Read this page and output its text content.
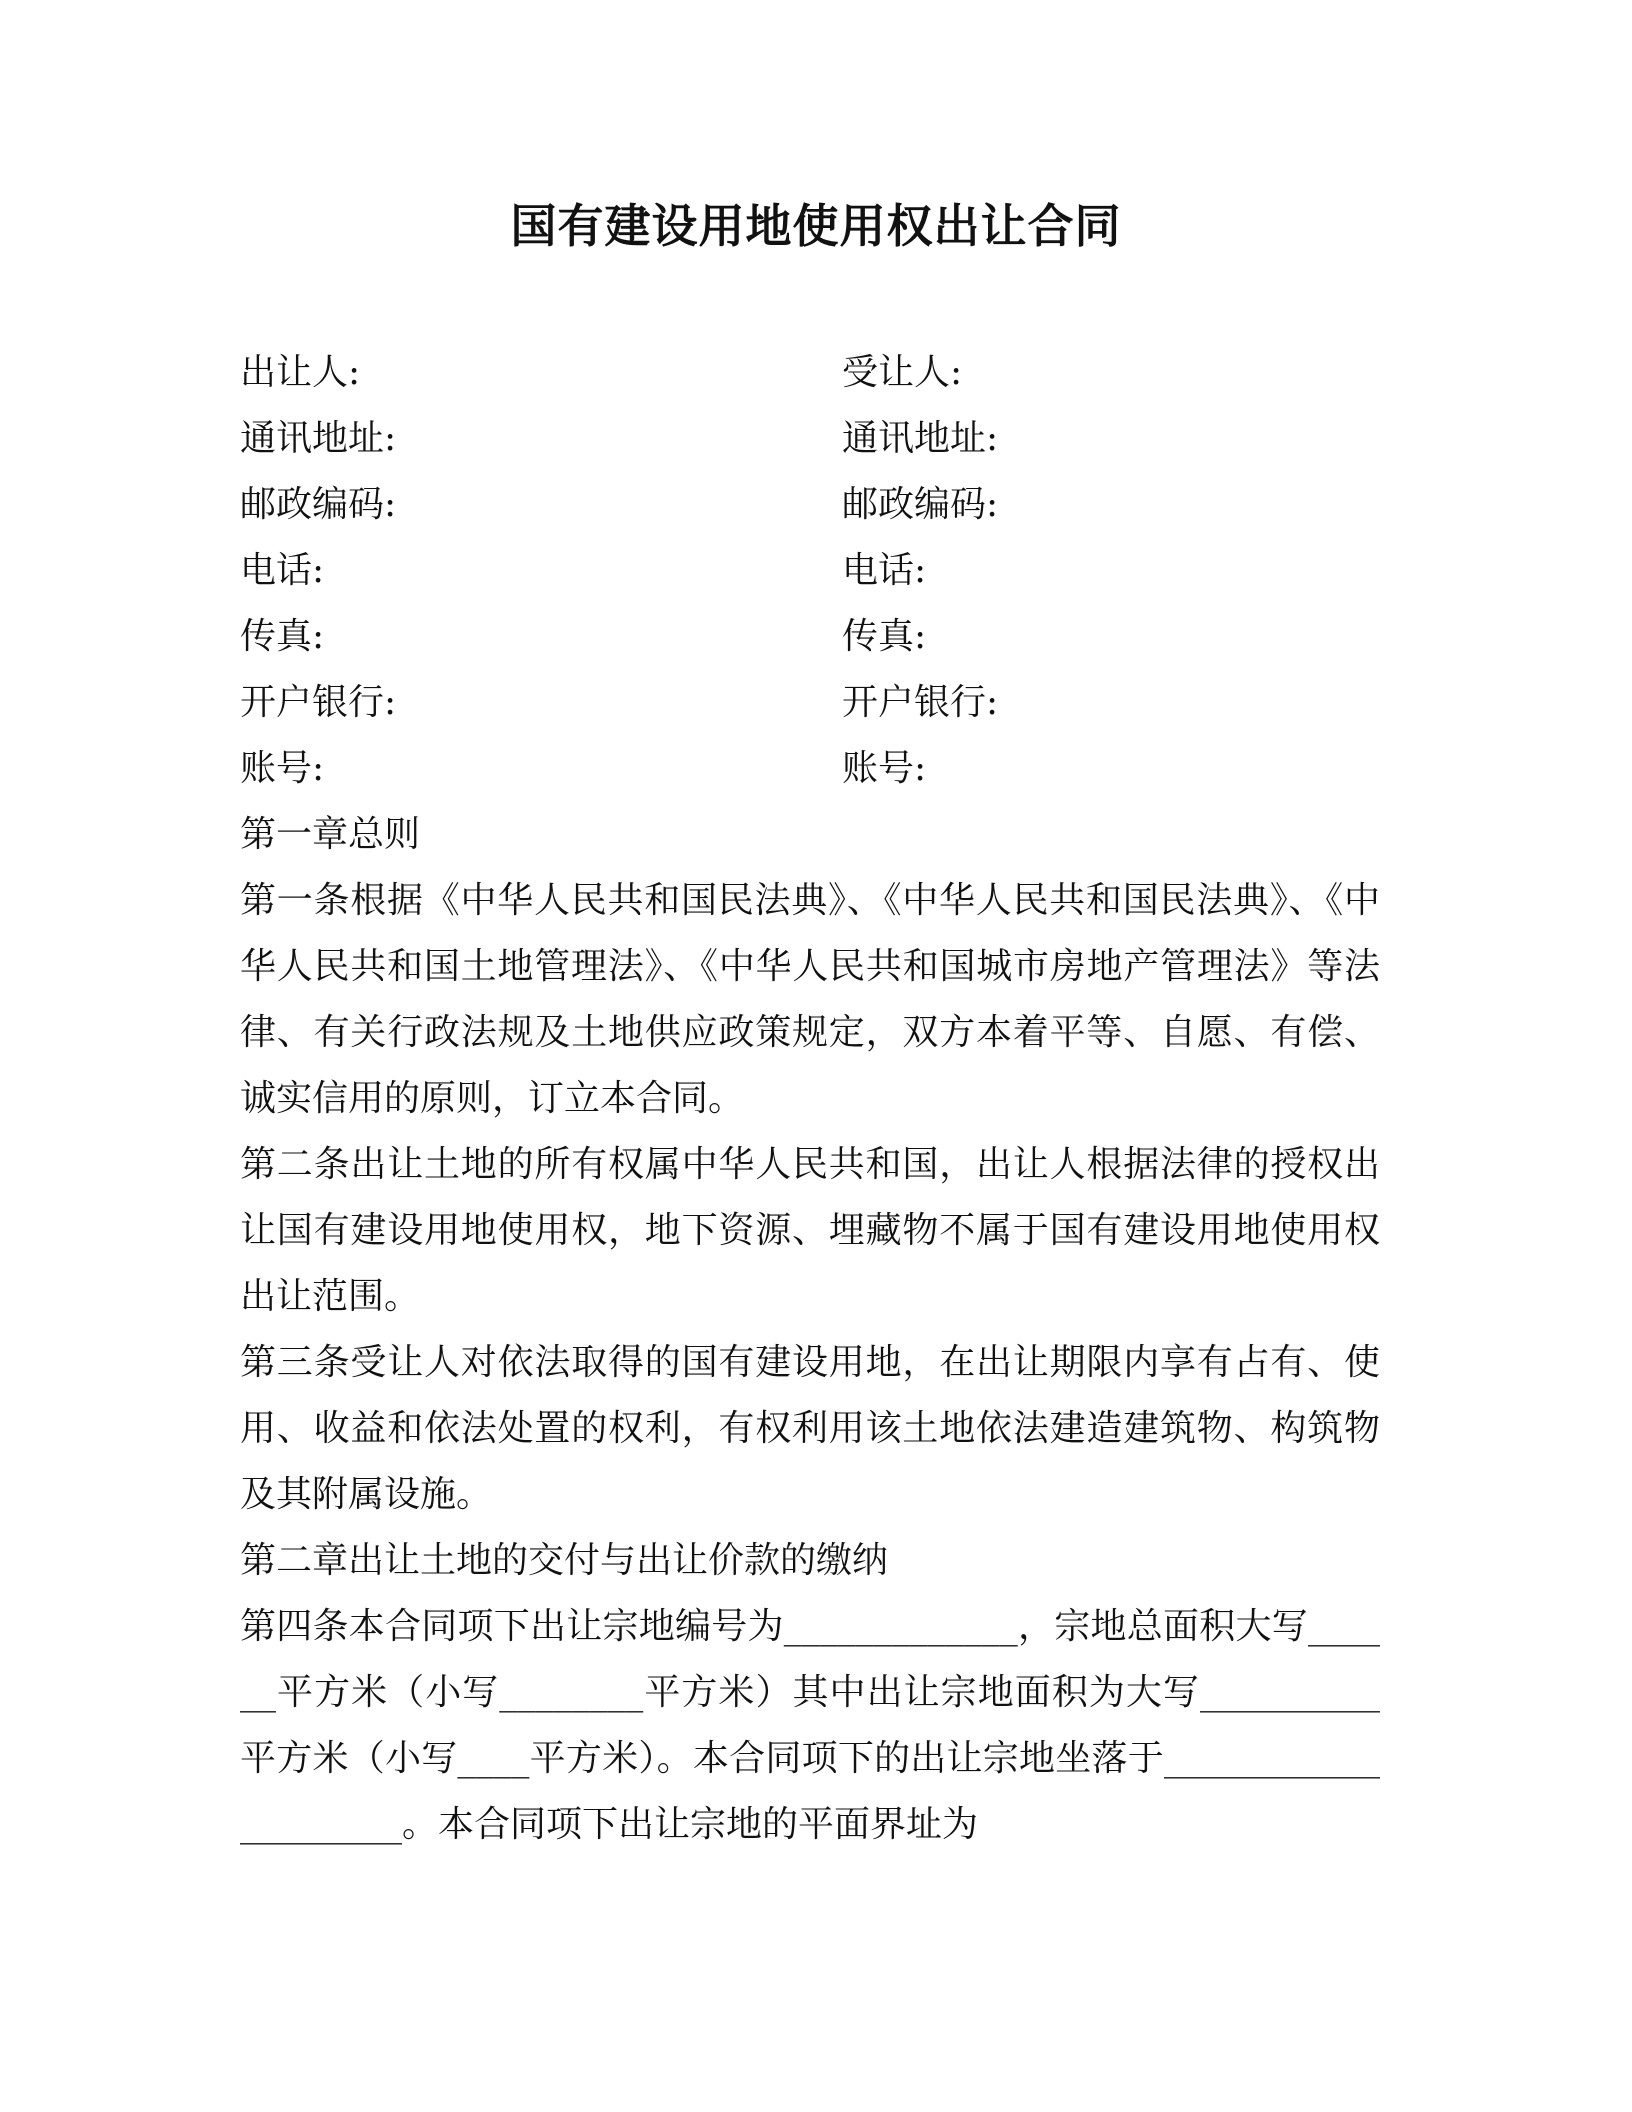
国有建设用地使用权出让合同
出让人:	受让人:
通讯地址:	通讯地址:
邮政编码:	邮政编码:
电话:	电话:
传真:	传真:
开户银行:	开户银行:
账号:	账号:

第一章总则

第一条根据《中华人民共和国民法典》、《中华人民共和国民法典》、《中华人民共和国土地管理法》、《中华人民共和国城市房地产管理法》等法律、有关行政法规及土地供应政策规定，双方本着平等、自愿、有偿、诚实信用的原则，订立本合同。

第二条出让土地的所有权属中华人民共和国，出让人根据法律的授权出让国有建设用地使用权，地下资源、埋藏物不属于国有建设用地使用权出让范围。

第三条受让人对依法取得的国有建设用地，在出让期限内享有占有、使用、收益和依法处置的权利，有权利用该土地依法建造建筑物、构筑物及其附属设施。

第二章出让土地的交付与出让价款的缴纳

第四条本合同项下出让宗地编号为_____________，宗地总面积大写______平方米（小写________平方米）其中出让宗地面积为大写__________平方米（小写____平方米）。本合同项下的出让宗地坐落于_____________________。本合同项下出让宗地的平面界址为
